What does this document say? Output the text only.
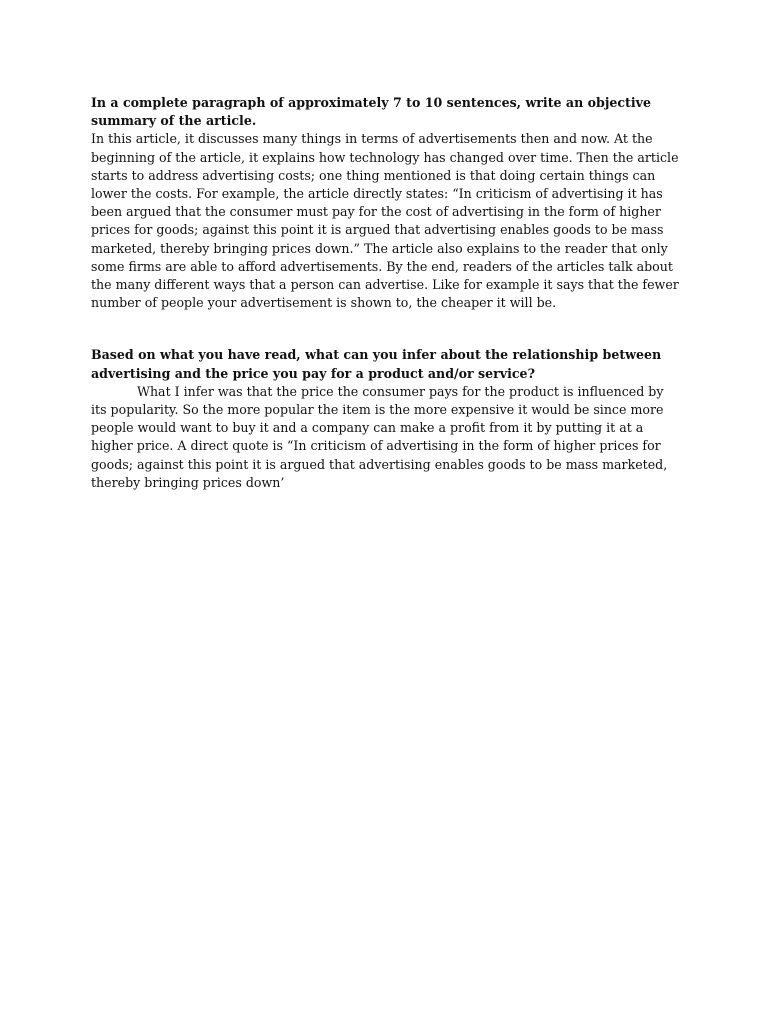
In a complete paragraph of approximately 7 to 10 sentences, write an objective
summary of the article.

In this article, it discusses many things in terms of advertisements then and now. At the
beginning of the article, it explains how technology has changed over time. Then the article
starts to address advertising costs; one thing mentioned is that doing certain things can
lower the costs. For example, the article directly states: “In criticism of advertising it has
been argued that the consumer must pay for the cost of advertising in the form of higher
prices for goods; against this point it is argued that advertising enables goods to be mass
marketed, thereby bringing prices down.” The article also explains to the reader that only
some firms are able to afford advertisements. By the end, readers of the articles talk about
the many different ways that a person can advertise. Like for example it says that the fewer
number of people your advertisement is shown to, the cheaper it will be.

Based on what you have read, what can you infer about the relationship between
advertising and the price you pay for a product and/or service?

What I infer was that the price the consumer pays for the product is influenced by
its popularity. So the more popular the item is the more expensive it would be since more
people would want to buy it and a company can make a profit from it by putting it at a
higher price. A direct quote is “In criticism of advertising in the form of higher prices for
goods; against this point it is argued that advertising enables goods to be mass marketed,
thereby bringing prices down’
